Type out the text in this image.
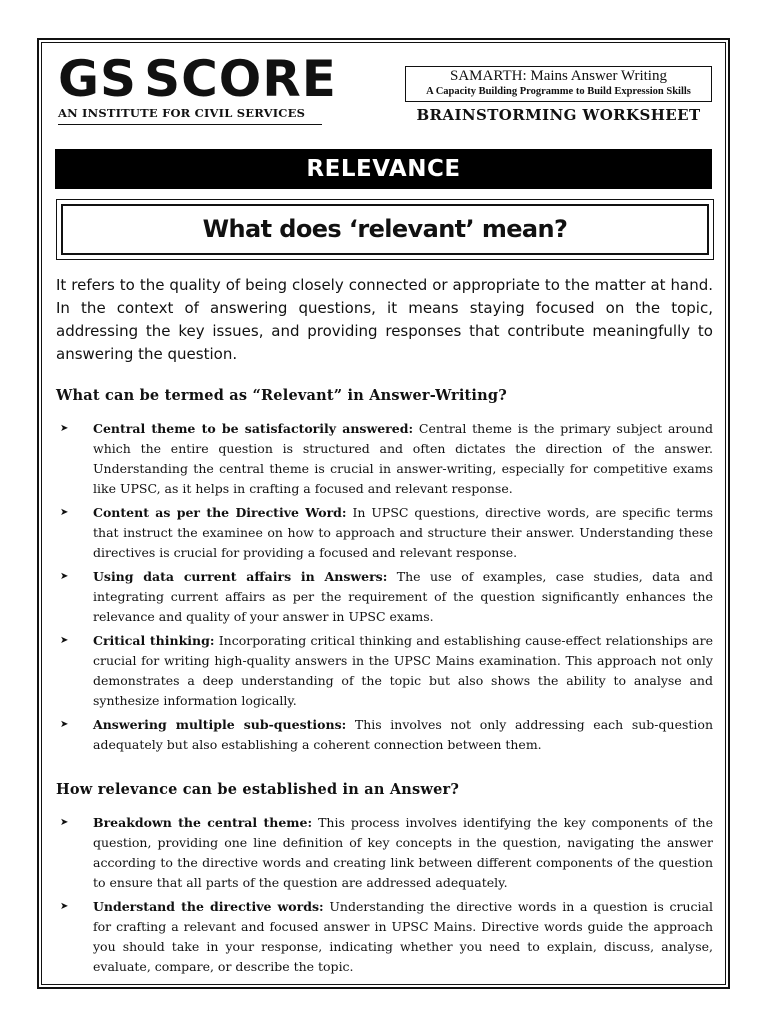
GS SCORE
AN INSTITUTE FOR CIVIL SERVICES
SAMARTH: Mains Answer Writing
A Capacity Building Programme to Build Expression Skills
BRAINSTORMING WORKSHEET
RELEVANCE
What does ‘relevant’ mean?

It refers to the quality of being closely connected or appropriate to the matter at hand. In the context of answering questions, it means staying focused on the topic, addressing the key issues, and providing responses that contribute meaningfully to answering the question.

What can be termed as “Relevant” in Answer-Writing?
➤ Central theme to be satisfactorily answered: Central theme is the primary subject around which the entire question is structured and often dictates the direction of the answer. Understanding the central theme is crucial in answer-writing, especially for competitive exams like UPSC, as it helps in crafting a focused and relevant response.
➤ Content as per the Directive Word: In UPSC questions, directive words, are specific terms that instruct the examinee on how to approach and structure their answer. Understanding these directives is crucial for providing a focused and relevant response.
➤ Using data current affairs in Answers: The use of examples, case studies, data and integrating current affairs as per the requirement of the question significantly enhances the relevance and quality of your answer in UPSC exams.
➤ Critical thinking: Incorporating critical thinking and establishing cause-effect relationships are crucial for writing high-quality answers in the UPSC Mains examination. This approach not only demonstrates a deep understanding of the topic but also shows the ability to analyse and synthesize information logically.
➤ Answering multiple sub-questions: This involves not only addressing each sub-question adequately but also establishing a coherent connection between them.
How relevance can be established in an Answer?
➤ Breakdown the central theme: This process involves identifying the key components of the question, providing one line definition of key concepts in the question, navigating the answer according to the directive words and creating link between different components of the question to ensure that all parts of the question are addressed adequately.
➤ Understand the directive words: Understanding the directive words in a question is crucial for crafting a relevant and focused answer in UPSC Mains. Directive words guide the approach you should take in your response, indicating whether you need to explain, discuss, analyse, evaluate, compare, or describe the topic.
